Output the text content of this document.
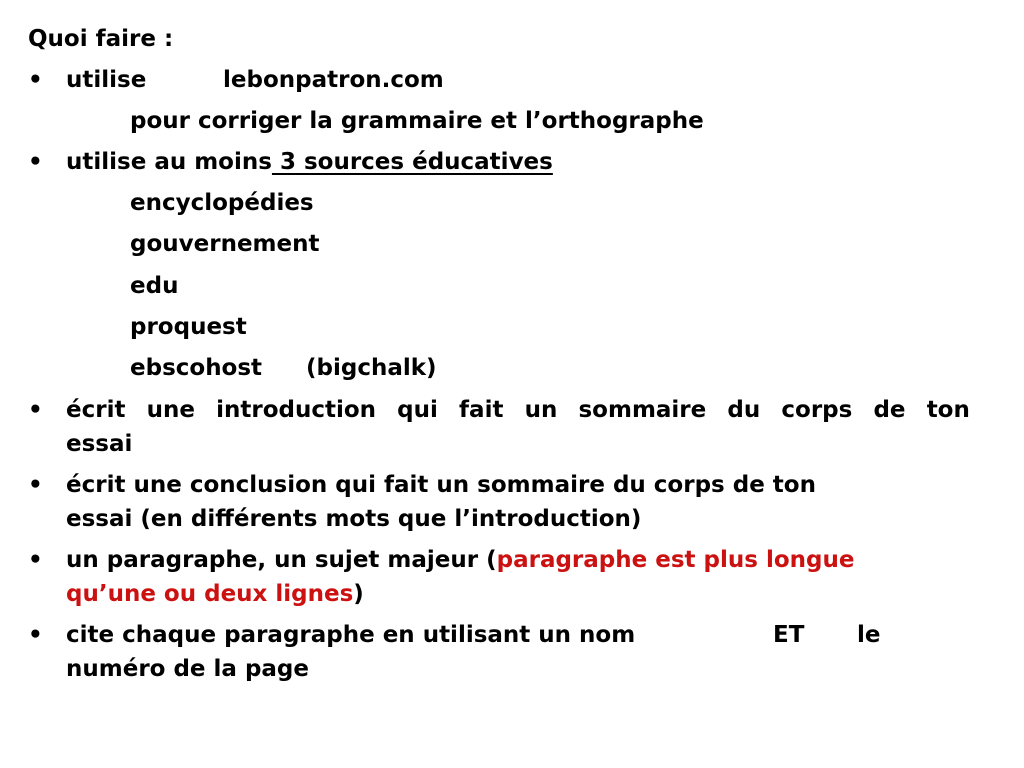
Quoi faire :
• utilise	lebonpatron.com
pour corriger la grammaire et l’orthographe
• utilise au moins 3 sources éducatives
encyclopédies
gouvernement
edu
proquest
ebscohost (bigchalk)
• écrit une introduction qui fait un sommaire du corps de ton
essai
• écrit une conclusion qui fait un sommaire du corps de ton
essai (en différents mots que l’introduction)
• un paragraphe, un sujet majeur (paragraphe est plus longue
qu’une ou deux lignes)
• cite chaque paragraphe en utilisant un nom	ET le
numéro de la page
